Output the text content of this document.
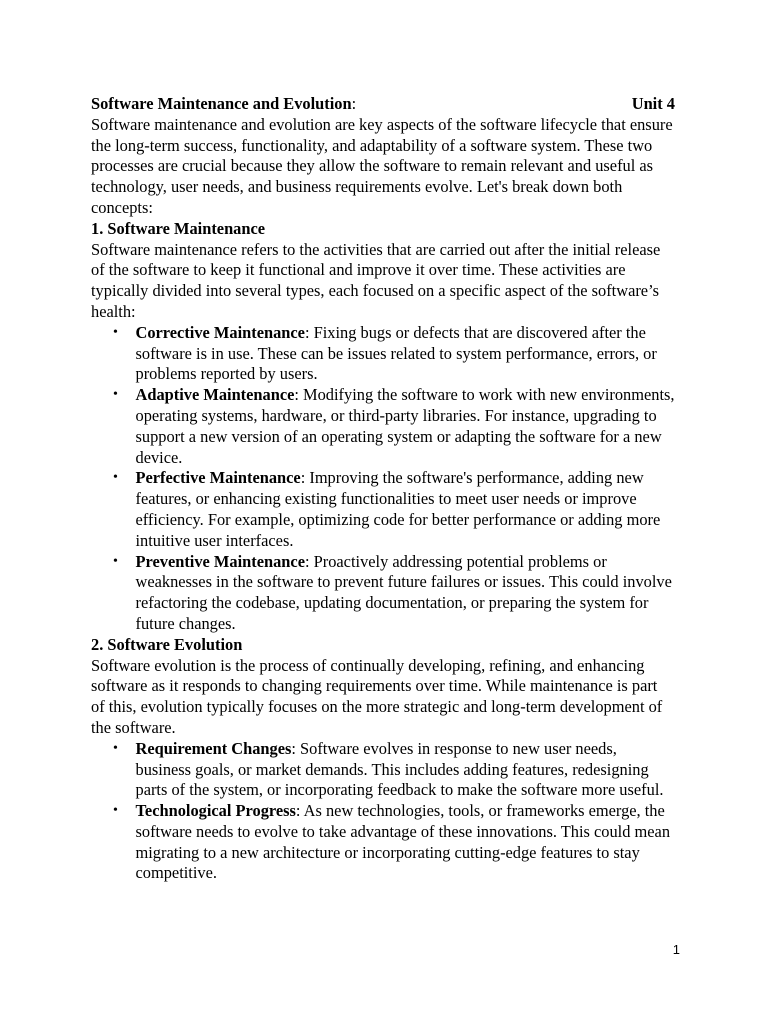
Software Maintenance and Evolution:	Unit 4

Software maintenance and evolution are key aspects of the software lifecycle that ensure the long-term success, functionality, and adaptability of a software system. These two processes are crucial because they allow the software to remain relevant and useful as technology, user needs, and business requirements evolve. Let's break down both concepts:

1. Software Maintenance

Software maintenance refers to the activities that are carried out after the initial release of the software to keep it functional and improve it over time. These activities are typically divided into several types, each focused on a specific aspect of the software’s health:

• Corrective Maintenance: Fixing bugs or defects that are discovered after the software is in use. These can be issues related to system performance, errors, or problems reported by users.
• Adaptive Maintenance: Modifying the software to work with new environments, operating systems, hardware, or third-party libraries. For instance, upgrading to support a new version of an operating system or adapting the software for a new device.
• Perfective Maintenance: Improving the software's performance, adding new features, or enhancing existing functionalities to meet user needs or improve efficiency. For example, optimizing code for better performance or adding more intuitive user interfaces.
• Preventive Maintenance: Proactively addressing potential problems or weaknesses in the software to prevent future failures or issues. This could involve refactoring the codebase, updating documentation, or preparing the system for future changes.
2. Software Evolution

Software evolution is the process of continually developing, refining, and enhancing software as it responds to changing requirements over time. While maintenance is part of this, evolution typically focuses on the more strategic and long-term development of the software.

• Requirement Changes: Software evolves in response to new user needs, business goals, or market demands. This includes adding features, redesigning parts of the system, or incorporating feedback to make the software more useful.
• Technological Progress: As new technologies, tools, or frameworks emerge, the software needs to evolve to take advantage of these innovations. This could mean migrating to a new architecture or incorporating cutting-edge features to stay competitive.
1
